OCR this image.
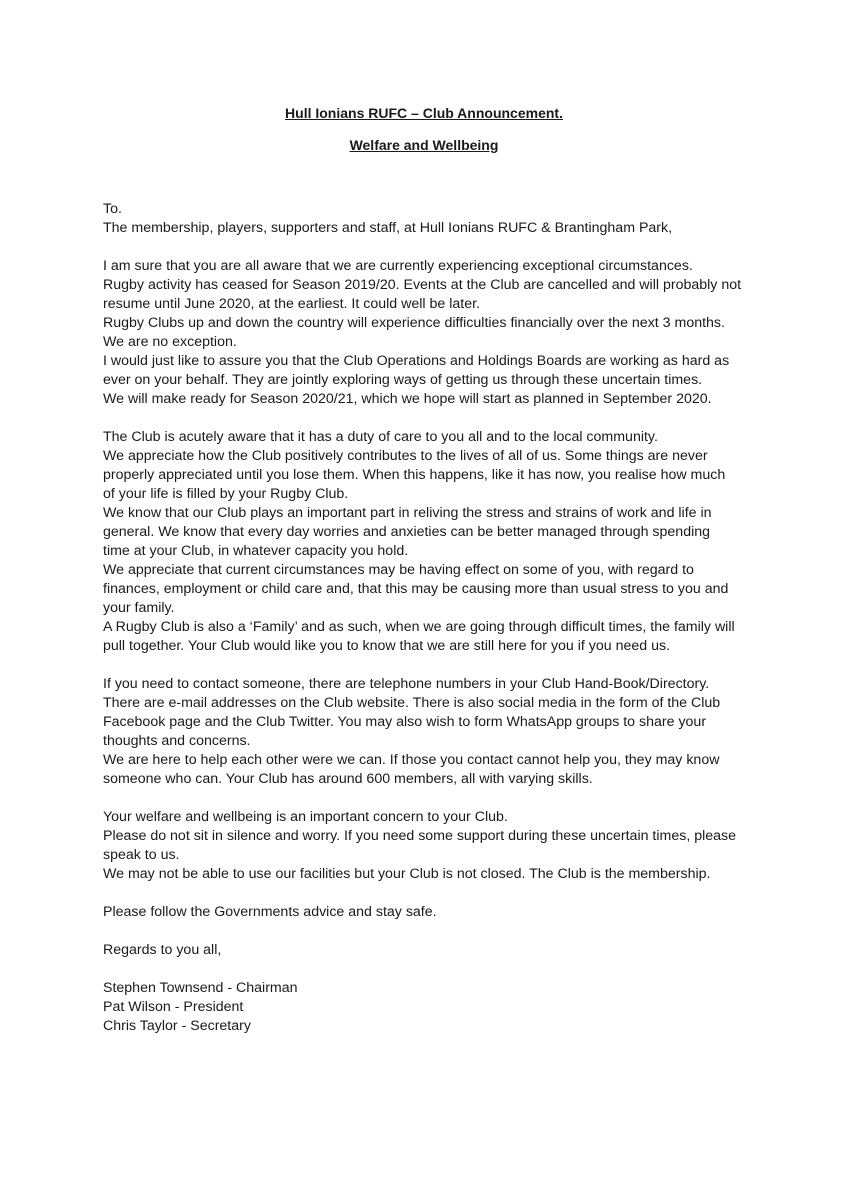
Hull Ionians RUFC – Club Announcement.
Welfare and Wellbeing

To.

The membership, players, supporters and staff, at Hull Ionians RUFC & Brantingham Park,

I am sure that you are all aware that we are currently experiencing exceptional circumstances.

Rugby activity has ceased for Season 2019/20. Events at the Club are cancelled and will probably not

resume until June 2020, at the earliest. It could well be later.

Rugby Clubs up and down the country will experience difficulties financially over the next 3 months.

We are no exception.

I would just like to assure you that the Club Operations and Holdings Boards are working as hard as

ever on your behalf. They are jointly exploring ways of getting us through these uncertain times.

We will make ready for Season 2020/21, which we hope will start as planned in September 2020.

The Club is acutely aware that it has a duty of care to you all and to the local community.

We appreciate how the Club positively contributes to the lives of all of us. Some things are never

properly appreciated until you lose them. When this happens, like it has now, you realise how much

of your life is filled by your Rugby Club.

We know that our Club plays an important part in reliving the stress and strains of work and life in

general. We know that every day worries and anxieties can be better managed through spending

time at your Club, in whatever capacity you hold.

We appreciate that current circumstances may be having effect on some of you, with regard to

finances, employment or child care and, that this may be causing more than usual stress to you and

your family.

A Rugby Club is also a ‘Family’ and as such, when we are going through difficult times, the family will

pull together. Your Club would like you to know that we are still here for you if you need us.

If you need to contact someone, there are telephone numbers in your Club Hand-Book/Directory.

There are e-mail addresses on the Club website. There is also social media in the form of the Club

Facebook page and the Club Twitter. You may also wish to form WhatsApp groups to share your

thoughts and concerns.

We are here to help each other were we can. If those you contact cannot help you, they may know

someone who can. Your Club has around 600 members, all with varying skills.

Your welfare and wellbeing is an important concern to your Club.

Please do not sit in silence and worry. If you need some support during these uncertain times, please

speak to us.

We may not be able to use our facilities but your Club is not closed. The Club is the membership.

Please follow the Governments advice and stay safe.

Regards to you all,

Stephen Townsend - Chairman

Pat Wilson - President

Chris Taylor - Secretary
